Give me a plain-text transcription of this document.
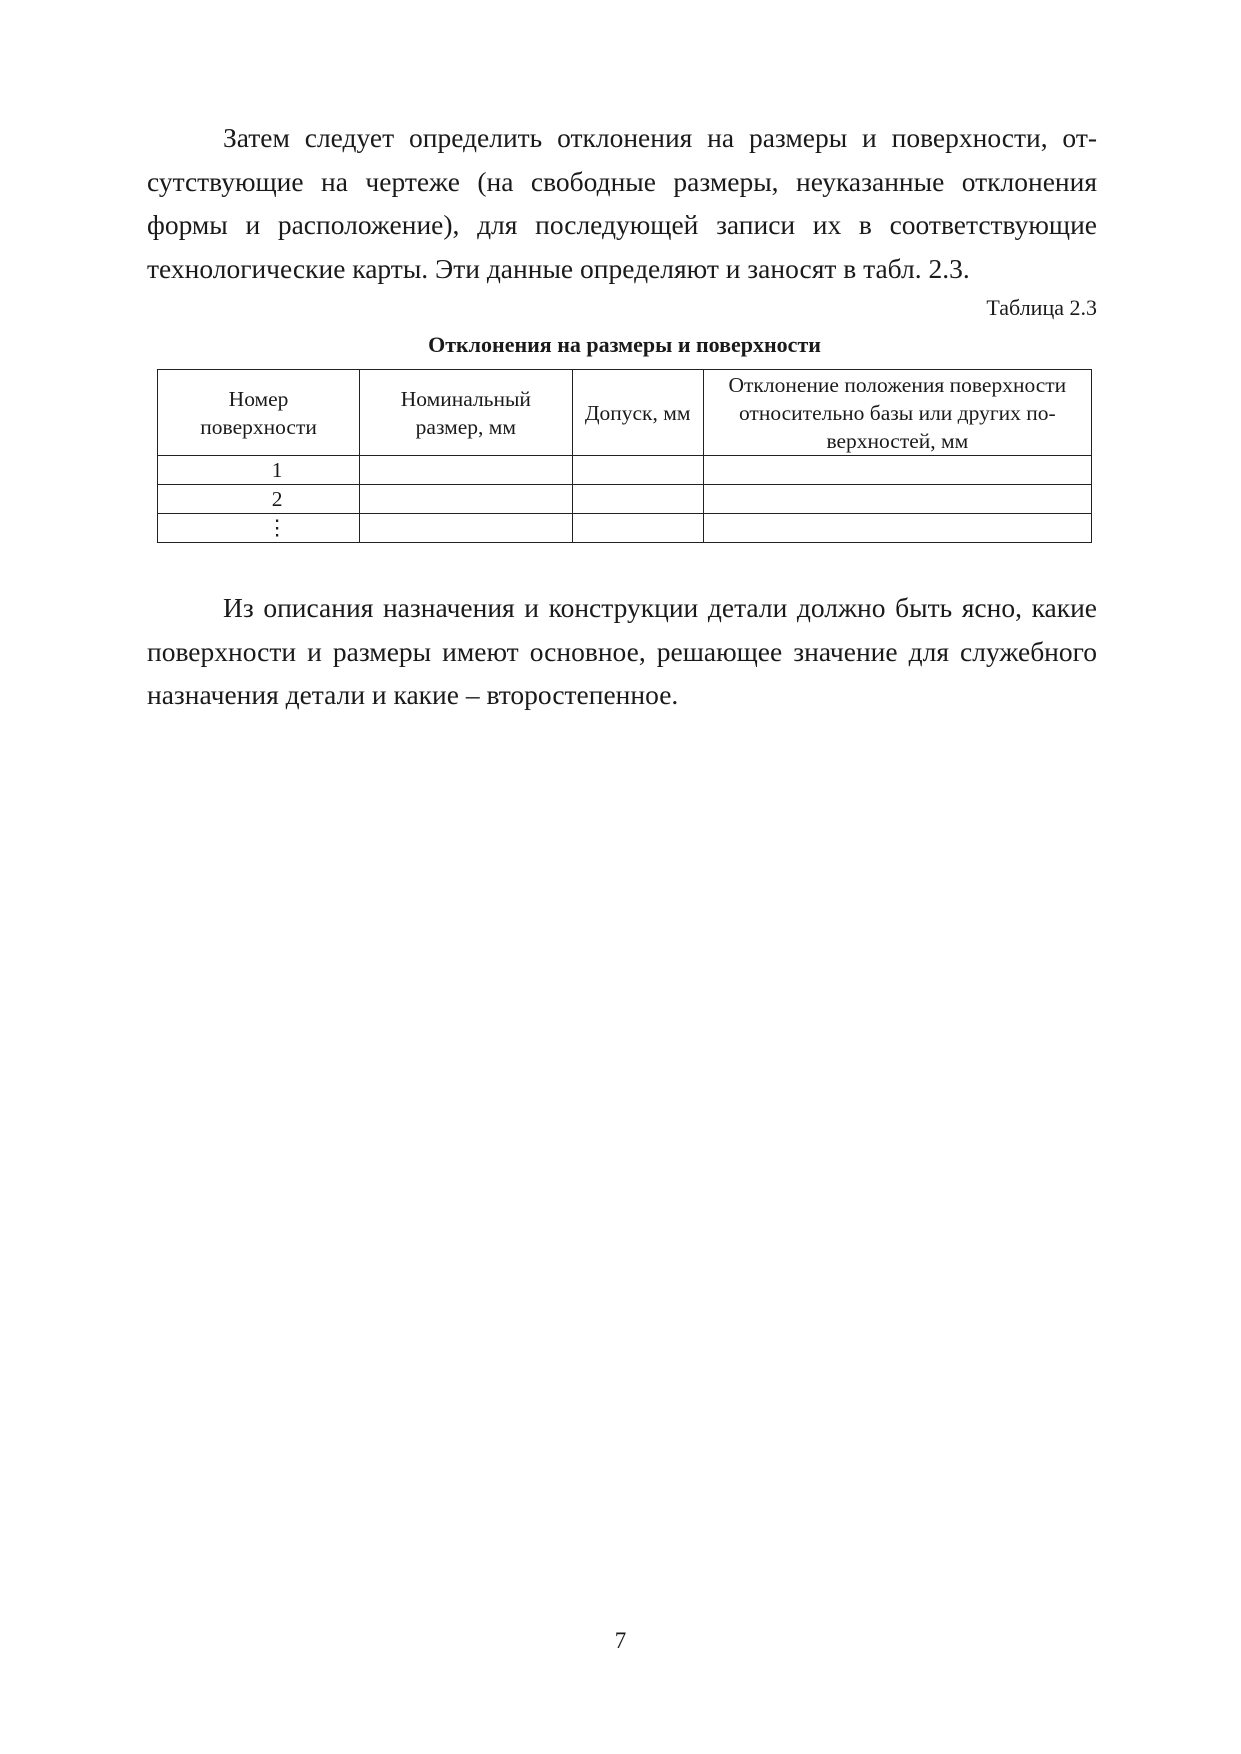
Затем следует определить отклонения на размеры и поверхности, от-сутствующие на чертеже (на свободные размеры, неуказанные отклонения формы и расположение), для последующей записи их в соответствующие технологические карты. Эти данные определяют и заносят в табл. 2.3.

Таблица 2.3
Отклонения на размеры и поверхности
Номер поверхности	Номинальный размер, мм	Допуск, мм	Отклонение положения поверхности относительно базы или других по-верхностей, мм
1			
2			
⋮			

Из описания назначения и конструкции детали должно быть ясно, какие поверхности и размеры имеют основное, решающее значение для служебного назначения детали и какие – второстепенное.

7
